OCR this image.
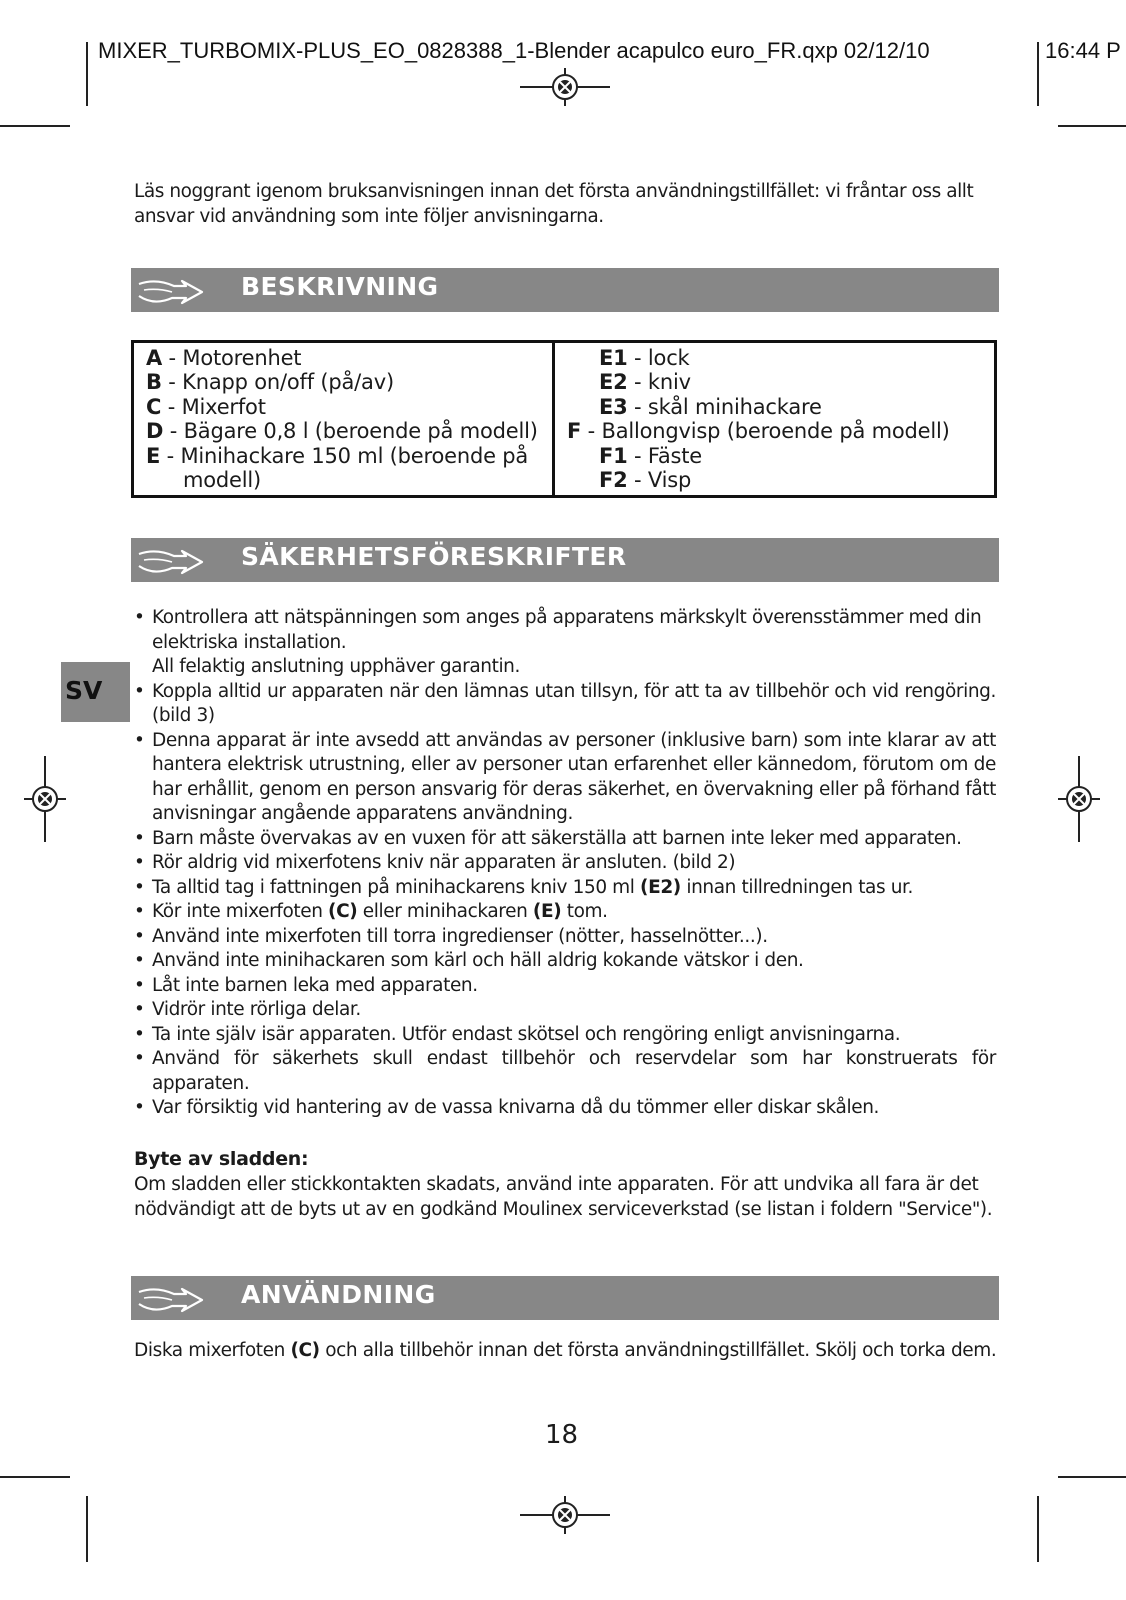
MIXER_TURBOMIX-PLUS_EO_0828388_1-Blender acapulco euro_FR.qxp 02/12/10	16:44 P
Läs noggrant igenom bruksanvisningen innan det första användningstillfället: vi fråntar oss allt ansvar vid användning som inte följer anvisningarna.
BESKRIVNING
A - Motorenhet
B - Knapp on/off (på/av)
C - Mixerfot
D - Bägare 0,8 l (beroende på modell)
E - Minihackare 150 ml (beroende på
modell)
E1 - lock
E2 - kniv
E3 - skål minihackare
F - Ballongvisp (beroende på modell)
F1 - Fäste
F2 - Visp
SÄKERHETSFÖRESKRIFTER
SV
• Kontrollera att nätspänningen som anges på apparatens märkskylt överensstämmer med din elektriska installation.
All felaktig anslutning upphäver garantin.
• Koppla alltid ur apparaten när den lämnas utan tillsyn, för att ta av tillbehör och vid rengöring. (bild 3)
• Denna apparat är inte avsedd att användas av personer (inklusive barn) som inte klarar av att hantera elektrisk utrustning, eller av personer utan erfarenhet eller kännedom, förutom om de har erhållit, genom en person ansvarig för deras säkerhet, en övervakning eller på förhand fått anvisningar angående apparatens användning.
• Barn måste övervakas av en vuxen för att säkerställa att barnen inte leker med apparaten.
• Rör aldrig vid mixerfotens kniv när apparaten är ansluten. (bild 2)
• Ta alltid tag i fattningen på minihackarens kniv 150 ml (E2) innan tillredningen tas ur.
• Kör inte mixerfoten (C) eller minihackaren (E) tom.
• Använd inte mixerfoten till torra ingredienser (nötter, hasselnötter...).
• Använd inte minihackaren som kärl och häll aldrig kokande vätskor i den.
• Låt inte barnen leka med apparaten.
• Vidrör inte rörliga delar.
• Ta inte själv isär apparaten. Utför endast skötsel och rengöring enligt anvisningarna.
• Använd för säkerhets skull endast tillbehör och reservdelar som har konstruerats för apparaten.
• Var försiktig vid hantering av de vassa knivarna då du tömmer eller diskar skålen.
Byte av sladden:
Om sladden eller stickkontakten skadats, använd inte apparaten. För att undvika all fara är det nödvändigt att de byts ut av en godkänd Moulinex serviceverkstad (se listan i foldern "Service").
ANVÄNDNING
Diska mixerfoten (C) och alla tillbehör innan det första användningstillfället. Skölj och torka dem.
18
